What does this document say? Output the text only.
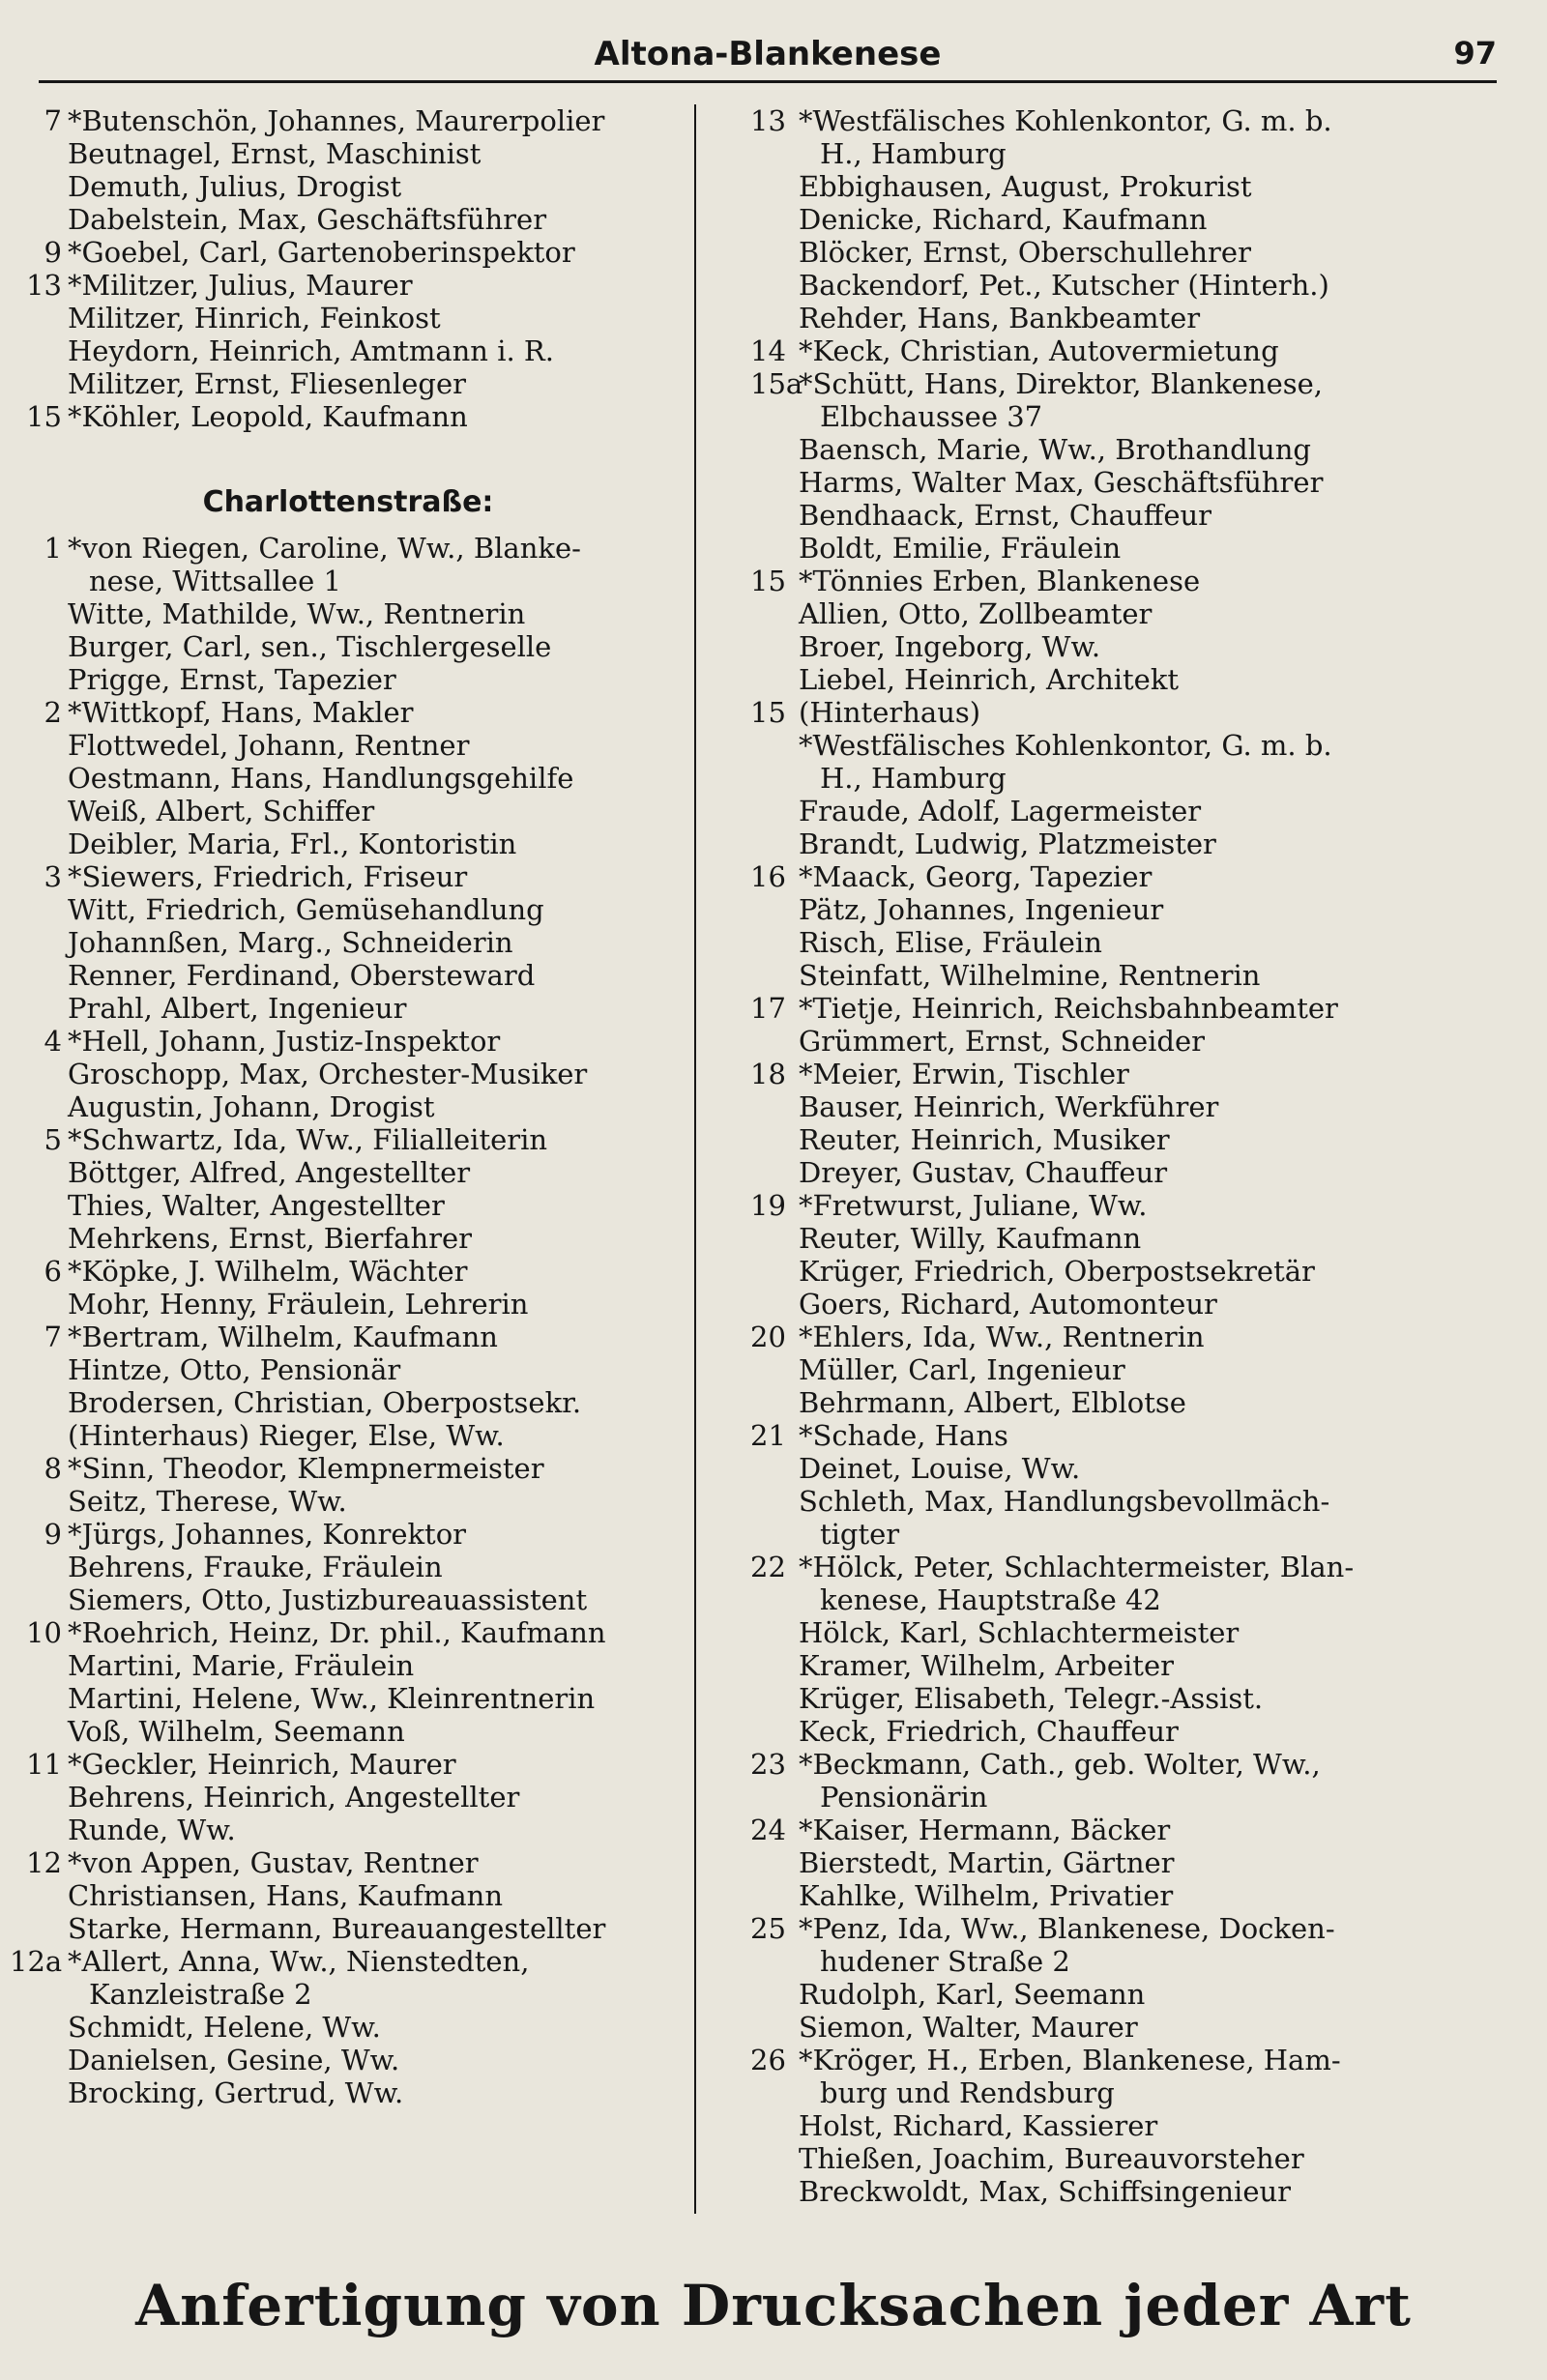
Altona-Blankenese	97
7 *Butenschön, Johannes, Maurerpolier
Beutnagel, Ernst, Maschinist
Demuth, Julius, Drogist
Dabelstein, Max, Geschäftsführer
9 *Goebel, Carl, Gartenoberinspektor
13 *Militzer, Julius, Maurer
Militzer, Hinrich, Feinkost
Heydorn, Heinrich, Amtmann i. R.
Militzer, Ernst, Fliesenleger
15 *Köhler, Leopold, Kaufmann
Charlottenstraße:
1 *von Riegen, Caroline, Ww., Blanke-
nese, Wittsallee 1
Witte, Mathilde, Ww., Rentnerin
Burger, Carl, sen., Tischlergeselle
Prigge, Ernst, Tapezier
2 *Wittkopf, Hans, Makler
Flottwedel, Johann, Rentner
Oestmann, Hans, Handlungsgehilfe
Weiß, Albert, Schiffer
Deibler, Maria, Frl., Kontoristin
3 *Siewers, Friedrich, Friseur
Witt, Friedrich, Gemüsehandlung
Johannßen, Marg., Schneiderin
Renner, Ferdinand, Obersteward
Prahl, Albert, Ingenieur
4 *Hell, Johann, Justiz-Inspektor
Groschopp, Max, Orchester-Musiker
Augustin, Johann, Drogist
5 *Schwartz, Ida, Ww., Filialleiterin
Böttger, Alfred, Angestellter
Thies, Walter, Angestellter
Mehrkens, Ernst, Bierfahrer
6 *Köpke, J. Wilhelm, Wächter
Mohr, Henny, Fräulein, Lehrerin
7 *Bertram, Wilhelm, Kaufmann
Hintze, Otto, Pensionär
Brodersen, Christian, Oberpostsekr.
(Hinterhaus) Rieger, Else, Ww.
8 *Sinn, Theodor, Klempnermeister
Seitz, Therese, Ww.
9 *Jürgs, Johannes, Konrektor
Behrens, Frauke, Fräulein
Siemers, Otto, Justizbureauassistent
10 *Roehrich, Heinz, Dr. phil., Kaufmann
Martini, Marie, Fräulein
Martini, Helene, Ww., Kleinrentnerin
Voß, Wilhelm, Seemann
11 *Geckler, Heinrich, Maurer
Behrens, Heinrich, Angestellter
Runde, Ww.
12 *von Appen, Gustav, Rentner
Christiansen, Hans, Kaufmann
Starke, Hermann, Bureauangestellter
12a *Allert, Anna, Ww., Nienstedten,
Kanzleistraße 2
Schmidt, Helene, Ww.
Danielsen, Gesine, Ww.
Brocking, Gertrud, Ww.
13 *Westfälisches Kohlenkontor, G. m. b.
H., Hamburg
Ebbighausen, August, Prokurist
Denicke, Richard, Kaufmann
Blöcker, Ernst, Oberschullehrer
Backendorf, Pet., Kutscher (Hinterh.)
Rehder, Hans, Bankbeamter
14 *Keck, Christian, Autovermietung
15a
*Schütt, Hans, Direktor, Blankenese,
Elbchaussee 37
Baensch, Marie, Ww., Brothandlung
Harms, Walter Max, Geschäftsführer
Bendhaack, Ernst, Chauffeur
Boldt, Emilie, Fräulein
15 *Tönnies Erben, Blankenese
Allien, Otto, Zollbeamter
Broer, Ingeborg, Ww.
Liebel, Heinrich, Architekt
15 (Hinterhaus)
*Westfälisches Kohlenkontor, G. m. b.
H., Hamburg
Fraude, Adolf, Lagermeister
Brandt, Ludwig, Platzmeister
16 *Maack, Georg, Tapezier
Pätz, Johannes, Ingenieur
Risch, Elise, Fräulein
Steinfatt, Wilhelmine, Rentnerin
17 *Tietje, Heinrich, Reichsbahnbeamter
Grümmert, Ernst, Schneider
18 *Meier, Erwin, Tischler
Bauser, Heinrich, Werkführer
Reuter, Heinrich, Musiker
Dreyer, Gustav, Chauffeur
19 *Fretwurst, Juliane, Ww.
Reuter, Willy, Kaufmann
Krüger, Friedrich, Oberpostsekretär
Goers, Richard, Automonteur
20 *Ehlers, Ida, Ww., Rentnerin
Müller, Carl, Ingenieur
Behrmann, Albert, Elblotse
21 *Schade, Hans
Deinet, Louise, Ww.
Schleth, Max, Handlungsbevollmäch-
tigter
22 *Hölck, Peter, Schlachtermeister, Blan-
kenese, Hauptstraße 42
Hölck, Karl, Schlachtermeister
Kramer, Wilhelm, Arbeiter
Krüger, Elisabeth, Telegr.-Assist.
Keck, Friedrich, Chauffeur
23 *Beckmann, Cath., geb. Wolter, Ww.,
Pensionärin
24 *Kaiser, Hermann, Bäcker
Bierstedt, Martin, Gärtner
Kahlke, Wilhelm, Privatier
25 *Penz, Ida, Ww., Blankenese, Docken-
hudener Straße 2
Rudolph, Karl, Seemann
Siemon, Walter, Maurer
26 *Kröger, H., Erben, Blankenese, Ham-
burg und Rendsburg
Holst, Richard, Kassierer
Thießen, Joachim, Bureauvorsteher
Breckwoldt, Max, Schiffsingenieur
Anfertigung von Drucksachen jeder Art
